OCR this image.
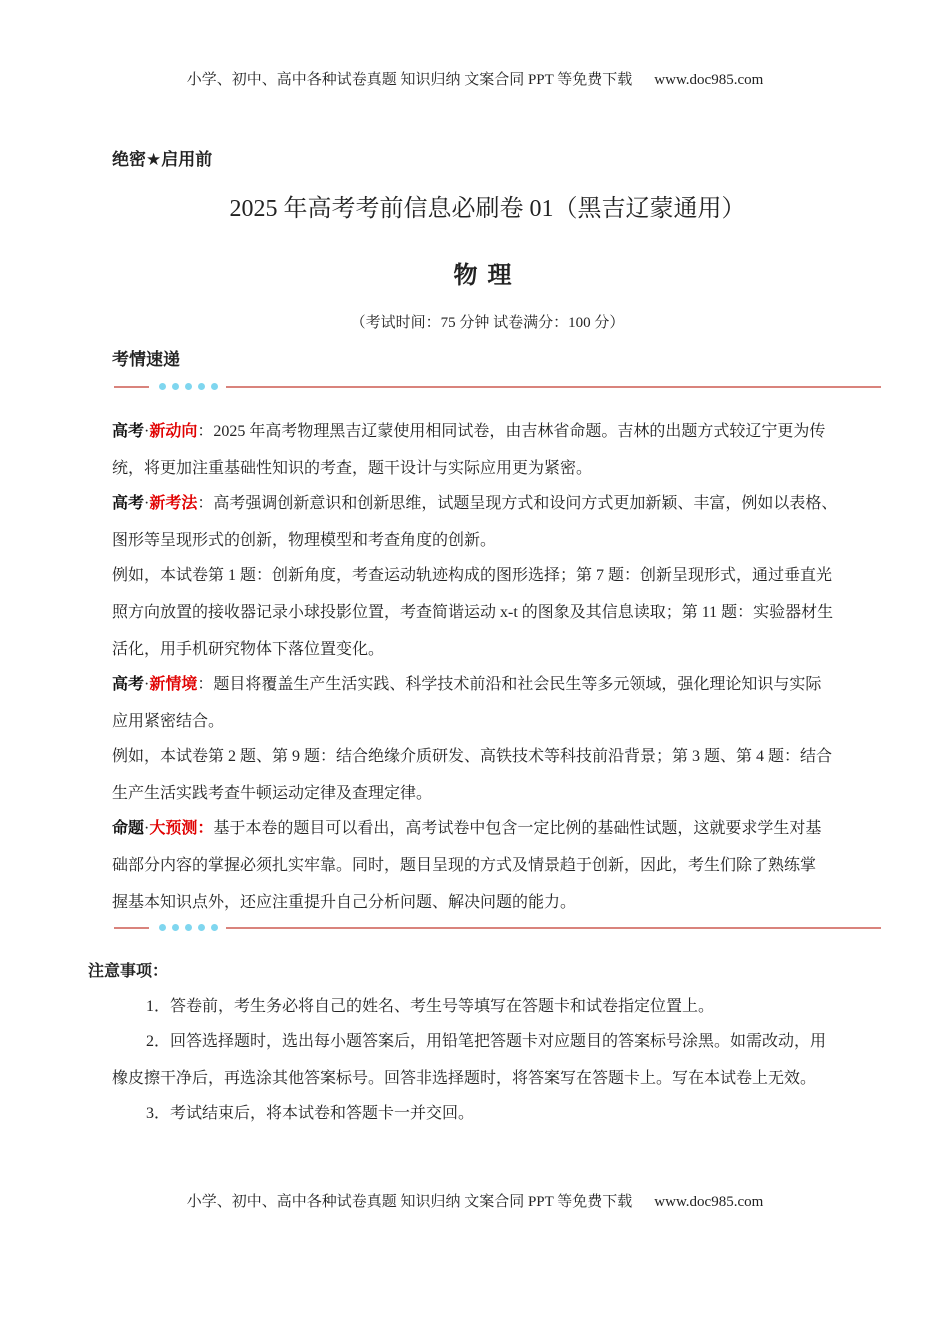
小学、初中、高中各种试卷真题 知识归纳 文案合同 PPT 等免费下载 www.doc985.com
绝密★启用前
2025 年高考考前信息必刷卷 01（黑吉辽蒙通用）
物理
（考试时间：75 分钟 试卷满分：100 分）
考情速递
高考·新动向：2025 年高考物理黑吉辽蒙使用相同试卷，由吉林省命题。吉林的出题方式较辽宁更为传
统，将更加注重基础性知识的考查，题干设计与实际应用更为紧密。
高考·新考法：高考强调创新意识和创新思维，试题呈现方式和设问方式更加新颖、丰富，例如以表格、
图形等呈现形式的创新，物理模型和考查角度的创新。
例如，本试卷第 1 题：创新角度，考查运动轨迹构成的图形选择；第 7 题：创新呈现形式，通过垂直光
照方向放置的接收器记录小球投影位置，考查简谐运动 x-t 的图象及其信息读取；第 11 题：实验器材生
活化，用手机研究物体下落位置变化。
高考·新情境：题目将覆盖生产生活实践、科学技术前沿和社会民生等多元领域，强化理论知识与实际
应用紧密结合。
例如，本试卷第 2 题、第 9 题：结合绝缘介质研发、高铁技术等科技前沿背景；第 3 题、第 4 题：结合
生产生活实践考查牛顿运动定律及查理定律。
命题·大预测：基于本卷的题目可以看出，高考试卷中包含一定比例的基础性试题，这就要求学生对基
础部分内容的掌握必须扎实牢靠。同时，题目呈现的方式及情景趋于创新，因此，考生们除了熟练掌
握基本知识点外，还应注重提升自己分析问题、解决问题的能力。
注意事项：
1．答卷前，考生务必将自己的姓名、考生号等填写在答题卡和试卷指定位置上。
2．回答选择题时，选出每小题答案后，用铅笔把答题卡对应题目的答案标号涂黑。如需改动，用
橡皮擦干净后，再选涂其他答案标号。回答非选择题时，将答案写在答题卡上。写在本试卷上无效。
3．考试结束后，将本试卷和答题卡一并交回。
小学、初中、高中各种试卷真题 知识归纳 文案合同 PPT 等免费下载 www.doc985.com
